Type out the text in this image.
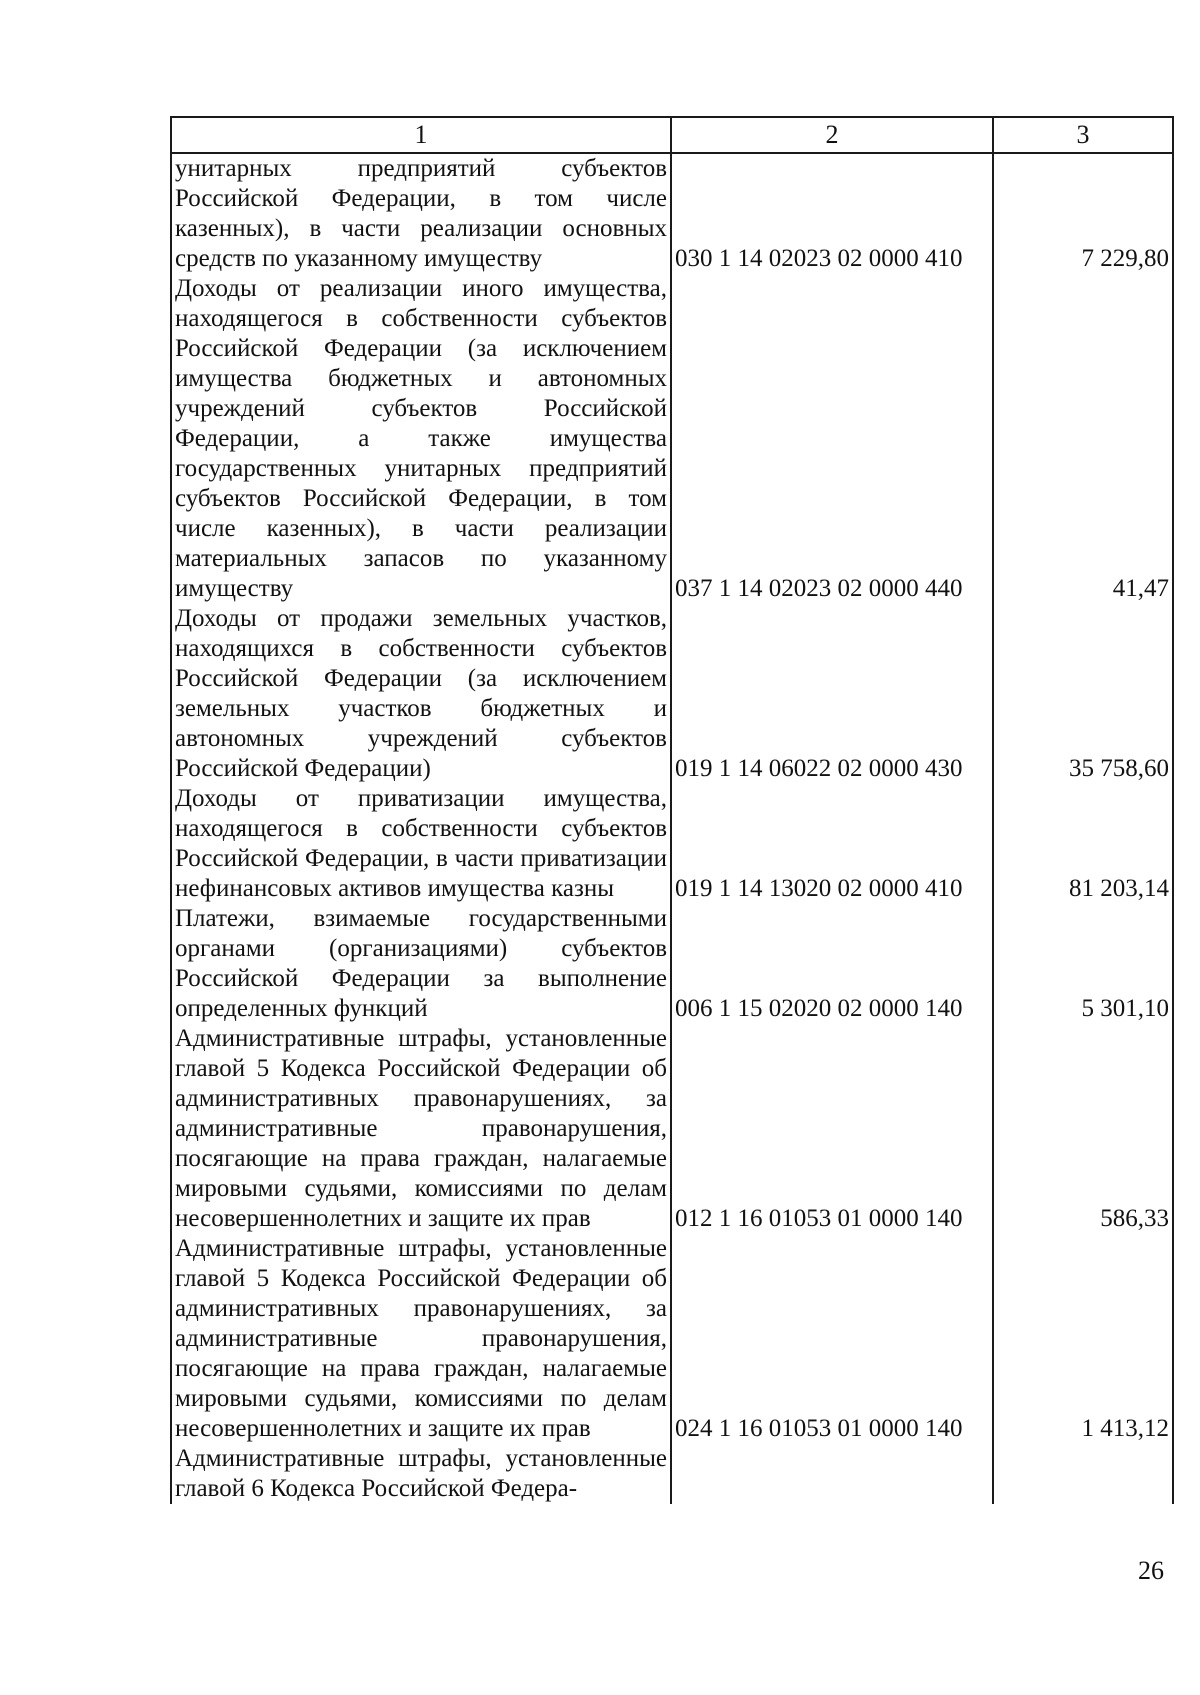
1	2	3
унитарных предприятий субъектов Российской Федерации, в том числе казенных), в части реализации основных средств по указанному имуществу	030 1 14 02023 02 0000 410	7 229,80
Доходы от реализации иного имущества, находящегося в собственности субъектов Российской Федерации (за исключением имущества бюджетных и автономных учреждений субъектов Российской Федерации, а также имущества государственных унитарных предприятий субъектов Российской Федерации, в том числе казенных), в части реализации материальных запасов по указанному имуществу	037 1 14 02023 02 0000 440	41,47
Доходы от продажи земельных участков, находящихся в собственности субъектов Российской Федерации (за исключением земельных участков бюджетных и автономных учреждений субъектов Российской Федерации)	019 1 14 06022 02 0000 430	35 758,60
Доходы от приватизации имущества, находящегося в собственности субъектов Российской Федерации, в части приватизации нефинансовых активов имущества казны	019 1 14 13020 02 0000 410	81 203,14
Платежи, взимаемые государственными органами (организациями) субъектов Российской Федерации за выполнение определенных функций	006 1 15 02020 02 0000 140	5 301,10
Административные штрафы, установленные главой 5 Кодекса Российской Федерации об административных правонарушениях, за административные правонарушения, посягающие на права граждан, налагаемые мировыми судьями, комиссиями по делам несовершеннолетних и защите их прав	012 1 16 01053 01 0000 140	586,33
Административные штрафы, установленные главой 5 Кодекса Российской Федерации об административных правонарушениях, за административные правонарушения, посягающие на права граждан, налагаемые мировыми судьями, комиссиями по делам несовершеннолетних и защите их прав	024 1 16 01053 01 0000 140	1 413,12
Административные штрафы, установленные главой 6 Кодекса Российской Федера-		
26
